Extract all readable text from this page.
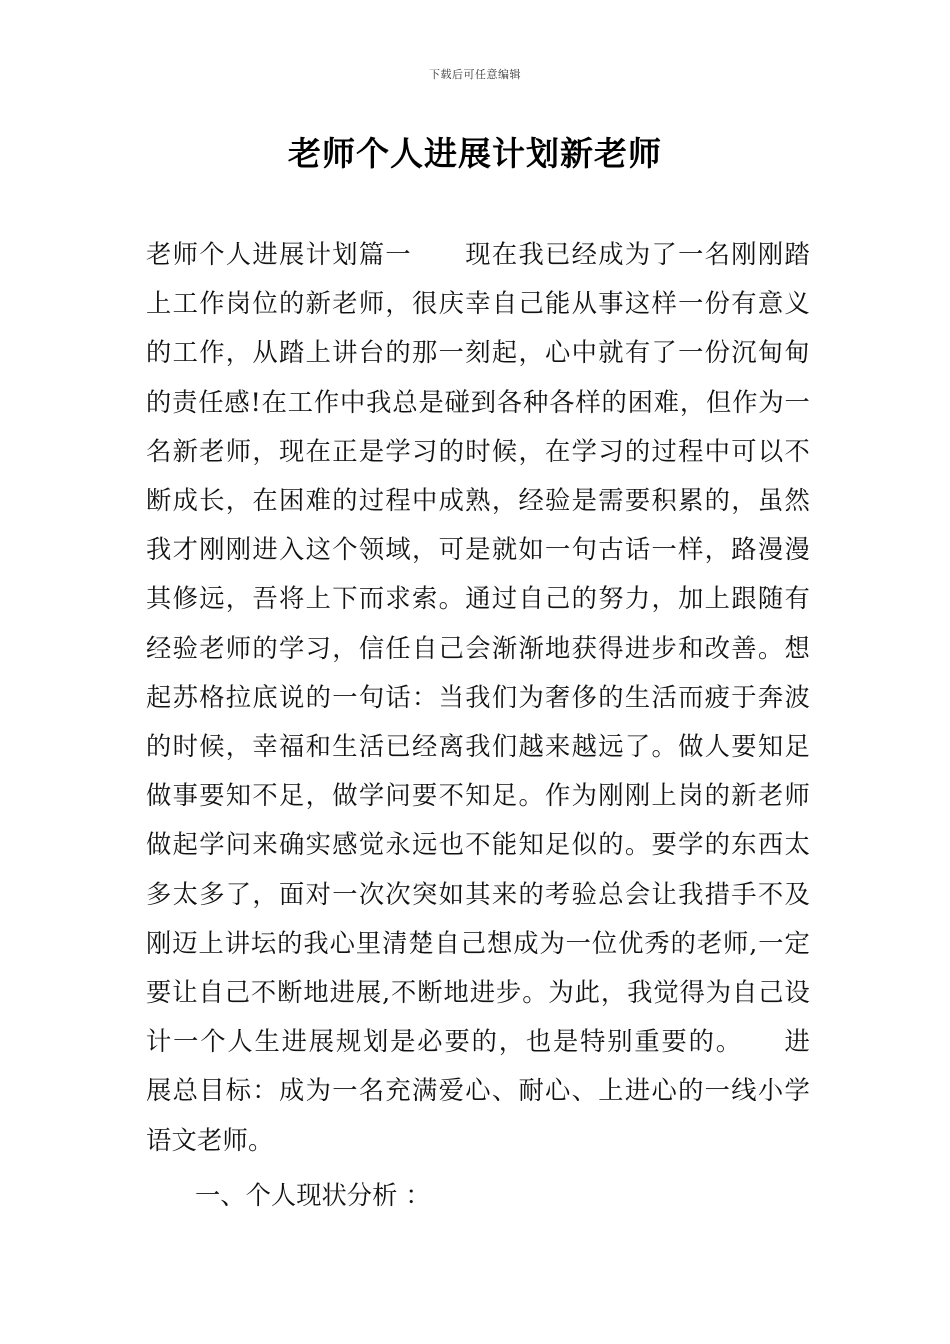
下载后可任意编辑
老师个人进展计划新老师
老师个人进展计划篇一　　现在我已经成为了一名刚刚踏
上工作岗位的新老师，很庆幸自己能从事这样一份有意义
的工作，从踏上讲台的那一刻起，心中就有了一份沉甸甸
的责任感!在工作中我总是碰到各种各样的困难，但作为一
名新老师，现在正是学习的时候，在学习的过程中可以不
断成长，在困难的过程中成熟，经验是需要积累的，虽然
我才刚刚进入这个领域，可是就如一句古话一样，路漫漫
其修远，吾将上下而求索。通过自己的努力，加上跟随有
经验老师的学习，信任自己会渐渐地获得进步和改善。想
起苏格拉底说的一句话：当我们为奢侈的生活而疲于奔波
的时候，幸福和生活已经离我们越来越远了。做人要知足
做事要知不足，做学问要不知足。作为刚刚上岗的新老师
做起学问来确实感觉永远也不能知足似的。要学的东西太
多太多了，面对一次次突如其来的考验总会让我措手不及
刚迈上讲坛的我心里清楚自己想成为一位优秀的老师,一定
要让自己不断地进展,不断地进步。为此，我觉得为自己设
计一个人生进展规划是必要的，也是特别重要的。　　进
展总目标：成为一名充满爱心、耐心、上进心的一线小学
语文老师。
一、个人现状分析 ：
